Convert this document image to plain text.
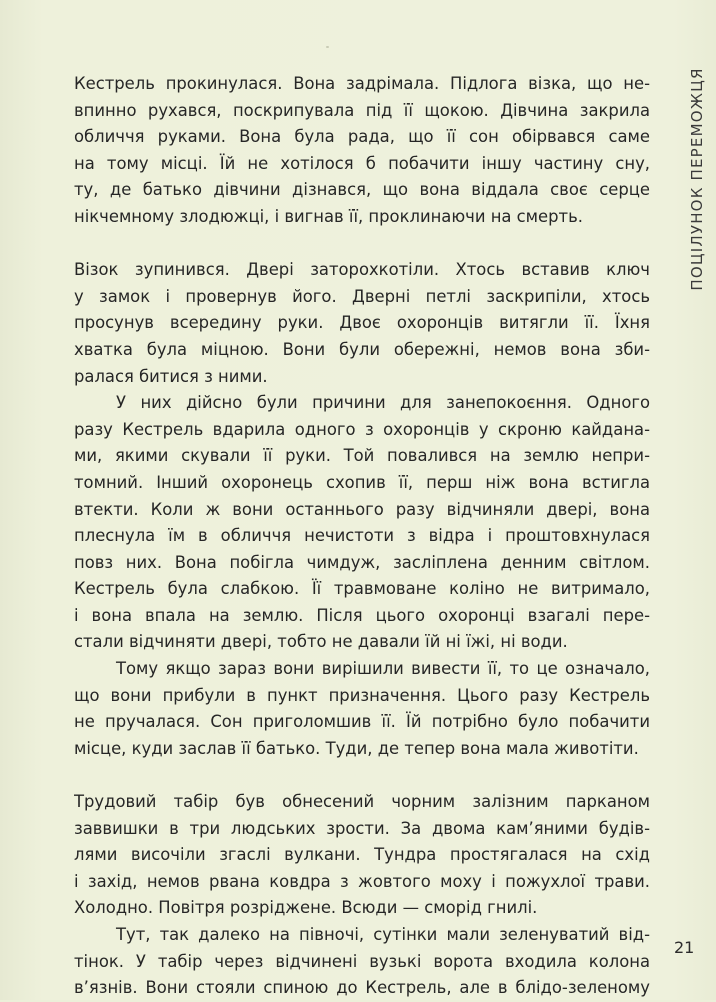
Кестрель прокинулася. Вона задрімала. Підлога візка, що не-
впинно рухався, поскрипувала під її щокою. Дівчина закрила
обличчя руками. Вона була рада, що її сон обірвався саме
на тому місці. Їй не хотілося б побачити іншу частину сну,
ту, де батько дівчини дізнався, що вона віддала своє серце
нікчемному злодюжці, і вигнав її, проклинаючи на смерть.
Візок зупинився. Двері заторохкотіли. Хтось вставив ключ
у замок і провернув його. Дверні петлі заскрипіли, хтось
просунув всередину руки. Двоє охоронців витягли її. Їхня
хватка була міцною. Вони були обережні, немов вона зби-
ралася битися з ними.
У них дійсно були причини для занепокоєння. Одного
разу Кестрель вдарила одного з охоронців у скроню кайдана-
ми, якими скували її руки. Той повалився на землю непри-
томний. Інший охоронець схопив її, перш ніж вона встигла
втекти. Коли ж вони останнього разу відчиняли двері, вона
плеснула їм в обличчя нечистоти з відра і проштовхнулася
повз них. Вона побігла чимдуж, засліплена денним світлом.
Кестрель була слабкою. Її травмоване коліно не витримало,
і вона впала на землю. Після цього охоронці взагалі пере-
стали відчиняти двері, тобто не давали їй ні їжі, ні води.
Тому якщо зараз вони вирішили вивести її, то це означало,
що вони прибули в пункт призначення. Цього разу Кестрель
не пручалася. Сон приголомшив її. Їй потрібно було побачити
місце, куди заслав її батько. Туди, де тепер вона мала животіти.
Трудовий табір був обнесений чорним залізним парканом
заввишки в три людських зрости. За двома кам’яними будів-
лями височіли згаслі вулкани. Тундра простягалася на схід
і захід, немов рвана ковдра з жовтого моху і пожухлої трави.
Холодно. Повітря розріджене. Всюди — сморід гнилі.
Тут, так далеко на півночі, сутінки мали зеленуватий від-
тінок. У табір через відчинені вузькі ворота входила колона
в’язнів. Вони стояли спиною до Кестрель, але в блідо-зеленому
ПОЦІЛУНОК ПЕРЕМОЖЦЯ
21
